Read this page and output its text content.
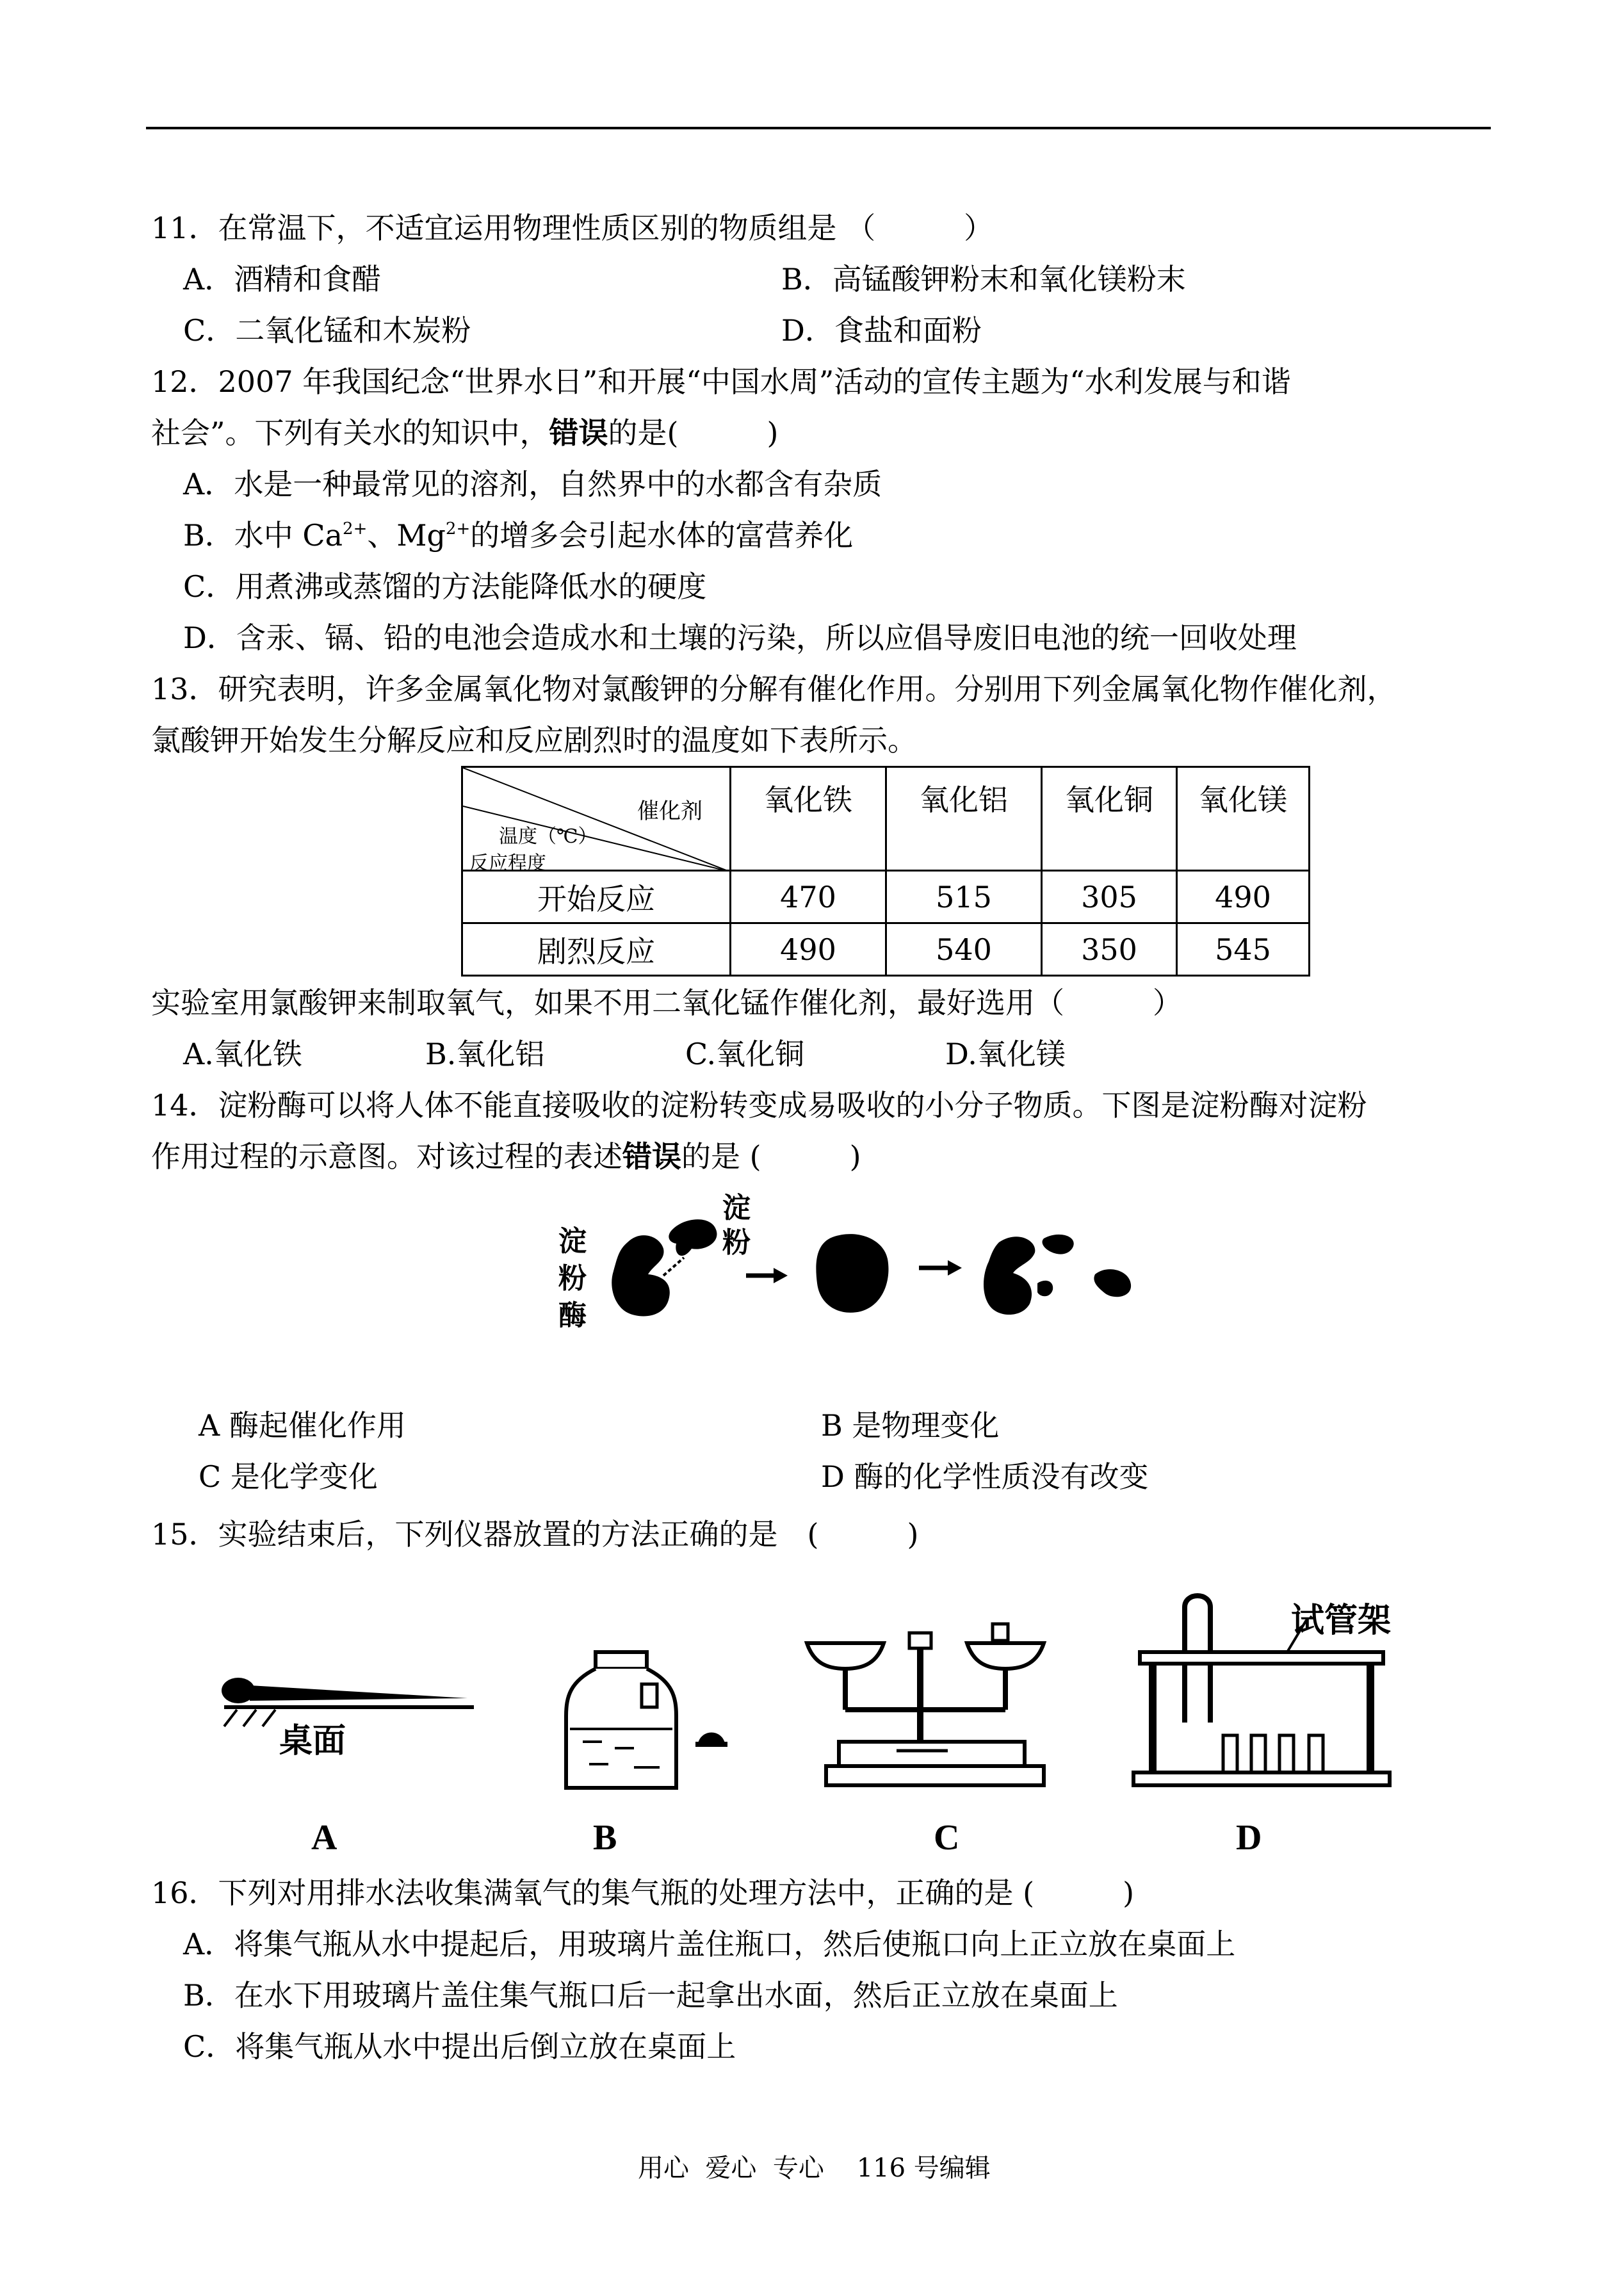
11．在常温下，不适宜运用物理性质区别的物质组是 （　　　）
A．酒精和食醋	B．高锰酸钾粉末和氧化镁粉末
C．二氧化锰和木炭粉	D．食盐和面粉
12．2007 年我国纪念“世界水日”和开展“中国水周”活动的宣传主题为“水利发展与和谐
社会”。下列有关水的知识中，错误的是(　　　)
A．水是一种最常见的溶剂，自然界中的水都含有杂质
B．水中 $Ca^{2+}$、$Mg^{2+}$的增多会引起水体的富营养化
C．用煮沸或蒸馏的方法能降低水的硬度
D．含汞、镉、铅的电池会造成水和土壤的污染，所以应倡导废旧电池的统一回收处理
13．研究表明，许多金属氧化物对氯酸钾的分解有催化作用。分别用下列金属氧化物作催化剂，
氯酸钾开始发生分解反应和反应剧烈时的温度如下表所示。
催化剂
温度（℃）
反应程度	氧化铁	氧化铝	氧化铜	氧化镁
开始反应	470	515	305	490
剧烈反应	490	540	350	545
实验室用氯酸钾来制取氧气，如果不用二氧化锰作催化剂，最好选用（　　　）
A.氧化铁	B.氧化铝	C.氧化铜	D.氧化镁
14．淀粉酶可以将人体不能直接吸收的淀粉转变成易吸收的小分子物质。下图是淀粉酶对淀粉
作用过程的示意图。对该过程的表述错误的是 (　　　)
淀
粉
酶
淀
粉
A 酶起催化作用	B 是物理变化
C 是化学变化	D 酶的化学性质没有改变
15．实验结束后，下列仪器放置的方法正确的是　(　　　)
桌面
试管架
A	B	C	D
16．下列对用排水法收集满氧气的集气瓶的处理方法中，正确的是 (　　　)
A．将集气瓶从水中提起后，用玻璃片盖住瓶口，然后使瓶口向上正立放在桌面上
B．在水下用玻璃片盖住集气瓶口后一起拿出水面，然后正立放在桌面上
C．将集气瓶从水中提出后倒立放在桌面上
用心  爱心  专心    116 号编辑
